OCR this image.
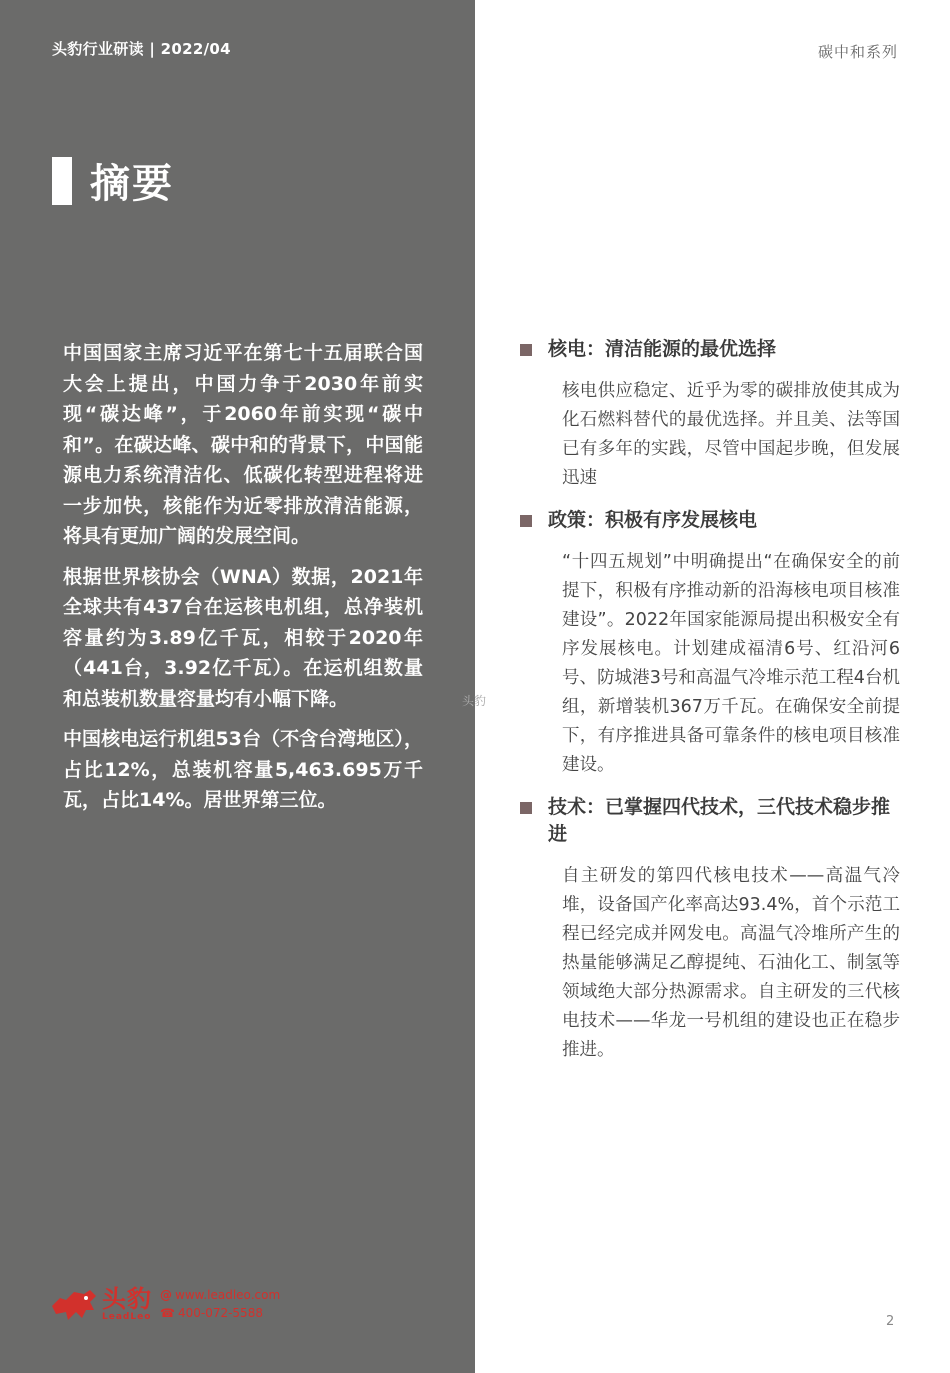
头豹行业研读 | 2022/04	碳中和系列
摘要

中国国家主席习近平在第七十五届联合国大会上提出，中国力争于2030年前实现“碳达峰”，于2060年前实现“碳中和”。在碳达峰、碳中和的背景下，中国能源电力系统清洁化、低碳化转型进程将进一步加快，核能作为近零排放清洁能源，将具有更加广阔的发展空间。

根据世界核协会（WNA）数据，2021年全球共有437台在运核电机组，总净装机容量约为3.89亿千瓦，相较于2020年（441台，3.92亿千瓦）。在运机组数量和总装机数量容量均有小幅下降。

中国核电运行机组53台（不含台湾地区），占比12%，总装机容量5,463.695万千瓦，占比14%。居世界第三位。

头豹
核电：清洁能源的最优选择
核电供应稳定、近乎为零的碳排放使其成为化石燃料替代的最优选择。并且美、法等国已有多年的实践，尽管中国起步晚，但发展迅速
政策：积极有序发展核电
“十四五规划”中明确提出“在确保安全的前提下，积极有序推动新的沿海核电项目核准建设”。2022年国家能源局提出积极安全有序发展核电。计划建成福清6号、红沿河6号、防城港3号和高温气冷堆示范工程4台机组，新增装机367万千瓦。在确保安全前提下，有序推进具备可靠条件的核电项目核准建设。
技术：已掌握四代技术，三代技术稳步推进
自主研发的第四代核电技术——高温气冷堆，设备国产化率高达93.4%，首个示范工程已经完成并网发电。高温气冷堆所产生的热量能够满足乙醇提纯、石油化工、制氢等领域绝大部分热源需求。自主研发的三代核电技术——华龙一号机组的建设也正在稳步推进。
头豹
LeadLeo
@ www.leadleo.com
☎ 400-072-5588
2
